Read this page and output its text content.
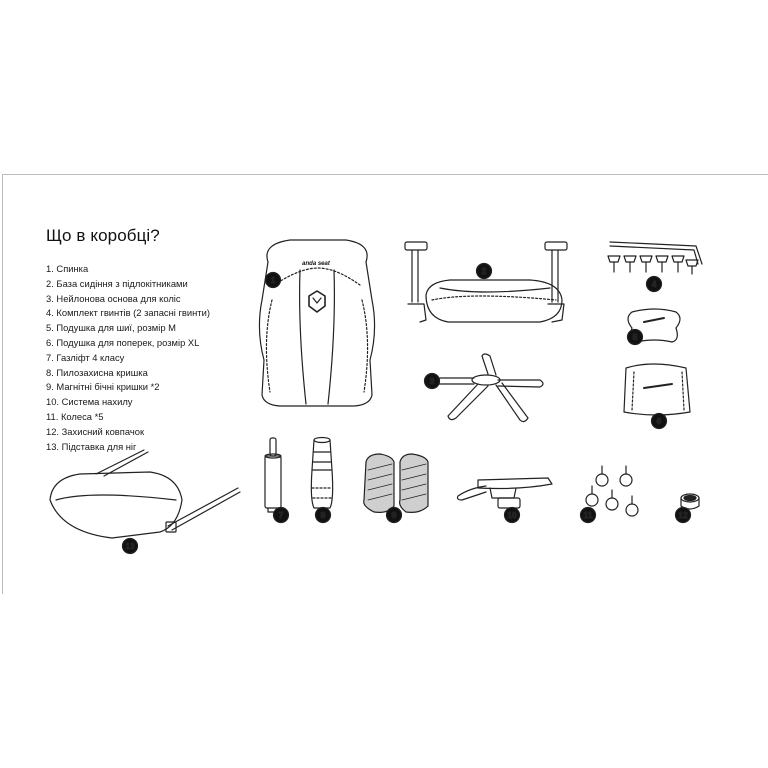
Що в коробці?
1. Спинка
2. База сидіння з підлокітниками
3. Нейлонова основа для коліс
4. Комплект гвинтів (2 запасні гвинти)
5. Подушка для шиї, розмір M
6. Подушка для поперек, розмір XL
7. Газліфт 4 класу
8. Пилозахисна кришка
9. Магнітні бічні кришки *2
10. Система нахилу
11. Колеса *5
12. Захисний ковпачок
13. Підставка для ніг
anda seat
1
2
3
4
5
6
7	8	9	10	11	12
13
